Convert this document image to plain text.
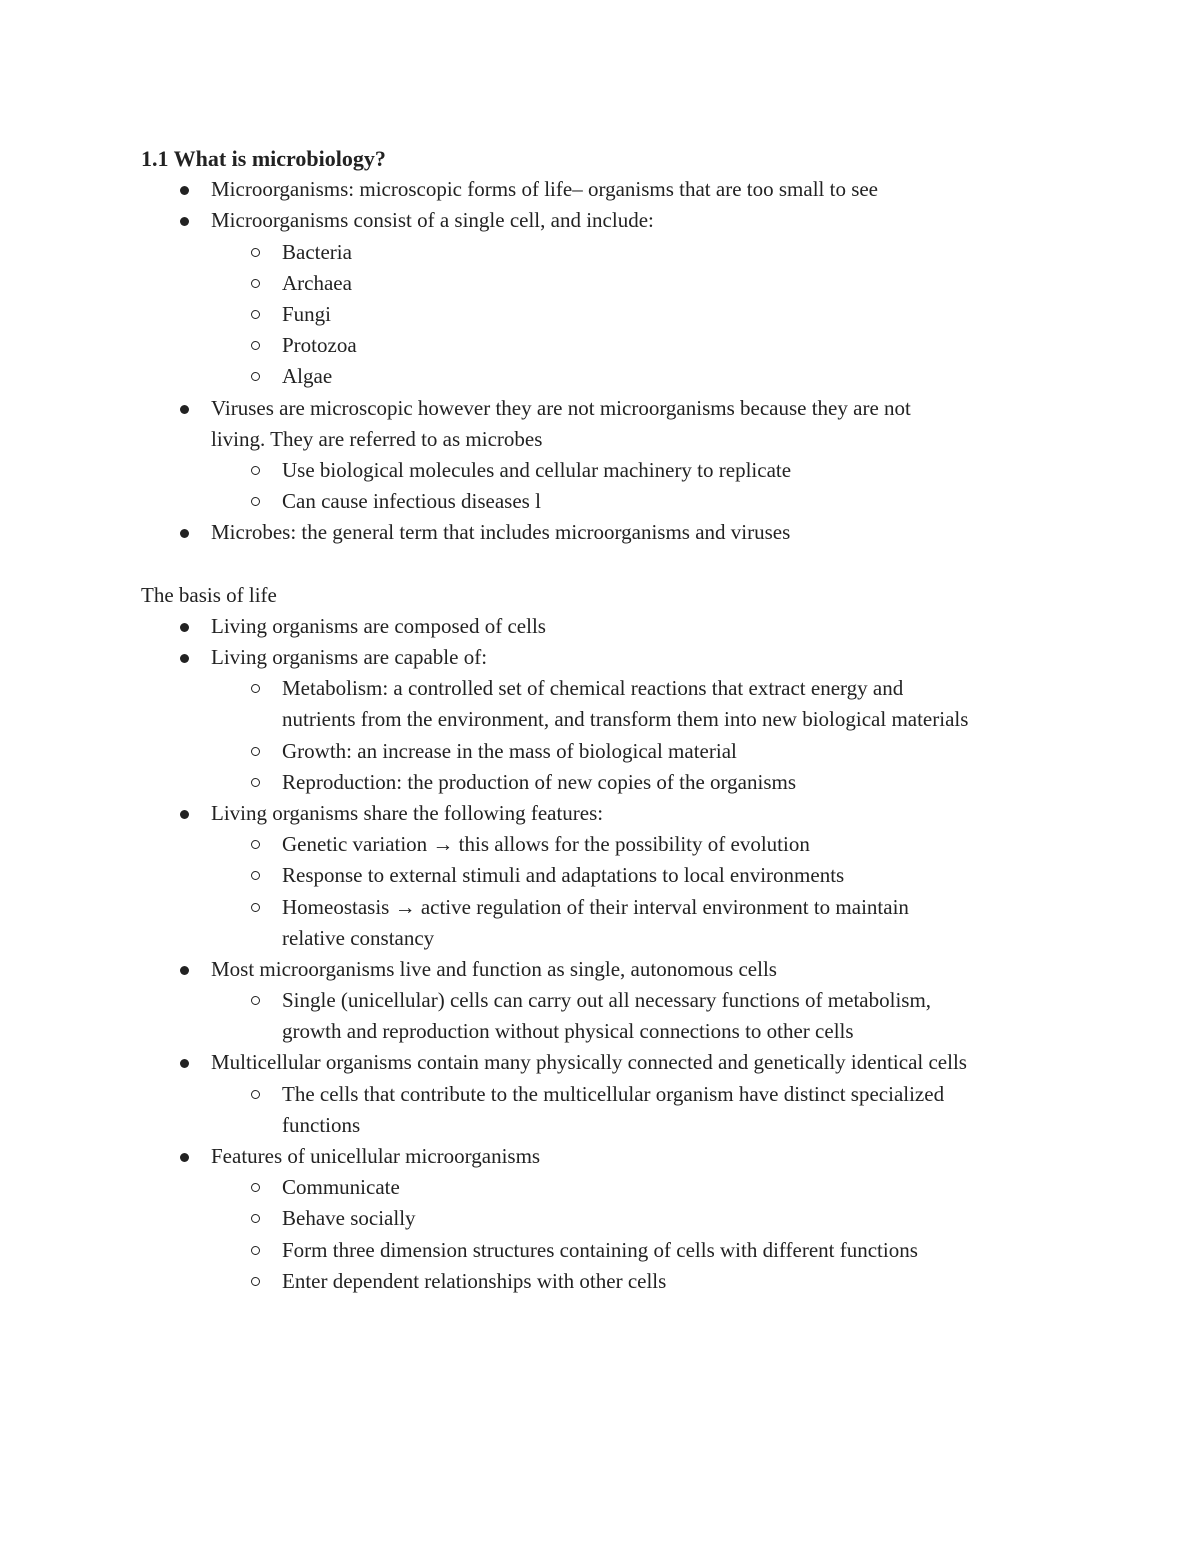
1.1 What is microbiology?
Microorganisms: microscopic forms of life– organisms that are too small to see
Microorganisms consist of a single cell, and include:
Bacteria
Archaea
Fungi
Protozoa
Algae
Viruses are microscopic however they are not microorganisms because they are not
living. They are referred to as microbes
Use biological molecules and cellular machinery to replicate
Can cause infectious diseases l
Microbes: the general term that includes microorganisms and viruses
The basis of life
Living organisms are composed of cells
Living organisms are capable of:
Metabolism: a controlled set of chemical reactions that extract energy and
nutrients from the environment, and transform them into new biological materials
Growth: an increase in the mass of biological material
Reproduction: the production of new copies of the organisms
Living organisms share the following features:
Genetic variation → this allows for the possibility of evolution
Response to external stimuli and adaptations to local environments
Homeostasis → active regulation of their interval environment to maintain
relative constancy
Most microorganisms live and function as single, autonomous cells
Single (unicellular) cells can carry out all necessary functions of metabolism,
growth and reproduction without physical connections to other cells
Multicellular organisms contain many physically connected and genetically identical cells
The cells that contribute to the multicellular organism have distinct specialized
functions
Features of unicellular microorganisms
Communicate
Behave socially
Form three dimension structures containing of cells with different functions
Enter dependent relationships with other cells
